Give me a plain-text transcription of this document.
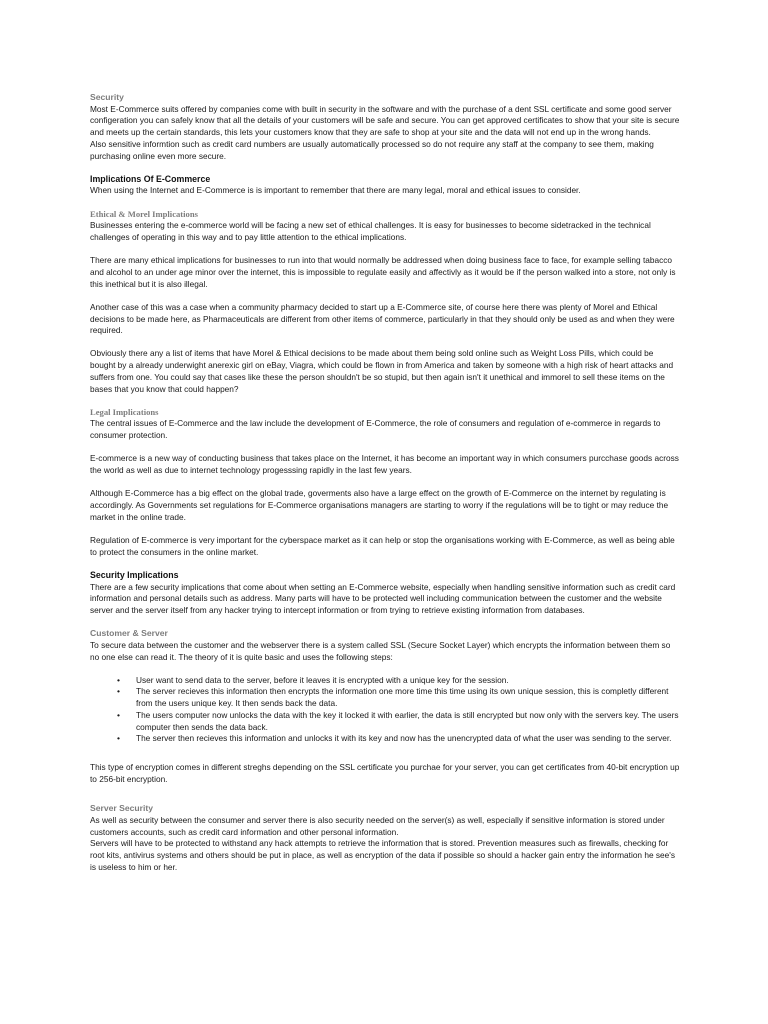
Security

Most E-Commerce suits offered by companies come with built in security in the software and with the purchase of a dent SSL certificate and some good server configeration you can safely know that all the details of your customers will be safe and secure. You can get approved certificates to show that your site is secure and meets up the certain standards, this lets your customers know that they are safe to shop at your site and the data will not end up in the wrong hands.

Also sensitive informtion such as credit card numbers are usually automatically processed so do not require any staff at the company to see them, making purchasing online even more secure.

Implications Of E-Commerce

When using the Internet and E-Commerce is is important to remember that there are many legal, moral and ethical issues to consider.

Ethical & Morel Implications

Businesses entering the e-commerce world will be facing a new set of ethical challenges. It is easy for businesses to become sidetracked in the technical challenges of operating in this way and to pay little attention to the ethical implications.

There are many ethical implications for businesses to run into that would normally be addressed when doing business face to face, for example selling tabacco and alcohol to an under age minor over the internet, this is impossible to regulate easily and affectivly as it would be if the person walked into a store, not only is this inethical but it is also illegal.

Another case of this was a case when a community pharmacy decided to start up a E-Commerce site, of course here there was plenty of Morel and Ethical decisions to be made here, as Pharmaceuticals are different from other items of commerce, particularly in that they should only be used as and when they were required.

Obviously there any a list of items that have Morel & Ethical decisions to be made about them being sold online such as Weight Loss Pills, which could be bought by a already underwight anerexic girl on eBay, Viagra, which could be flown in from America and taken by someone with a high risk of heart attacks and suffers from one. You could say that cases like these the person shouldn't be so stupid, but then again isn't it unethical and immorel to sell these items on the bases that you know that could happen?

Legal Implications

The central issues of E-Commerce and the law include the development of E-Commerce, the role of consumers and regulation of e-commerce in regards to consumer protection.

E-commerce is a new way of conducting business that takes place on the Internet, it has become an important way in which consumers purcchase goods across the world as well as due to internet technology progesssing rapidly in the last few years.

Although E-Commerce has a big effect on the global trade, goverments also have a large effect on the growth of E-Commerce on the internet by regulating is accordingly. As Governments set regulations for E-Commerce organisations managers are starting to worry if the regulations will be to tight or may reduce the market in the online trade.

Regulation of E-commerce is very important for the cyberspace market as it can help or stop the organisations working with E-Commerce, as well as being able to protect the consumers in the online market.

Security Implications

There are a few security implications that come about when setting an E-Commerce website, especially when handling sensitive information such as credit card information and personal details such as address. Many parts will have to be protected well including communication between the customer and the website server and the server itself from any hacker trying to intercept information or from trying to retrieve existing information from databases.

Customer & Server

To secure data between the customer and the webserver there is a system called SSL (Secure Socket Layer) which encrypts the information between them so no one else can read it. The theory of it is quite basic and uses the following steps:

• User want to send data to the server, before it leaves it is encrypted with a unique key for the session.
• The server recieves this information then encrypts the information one more time this time using its own unique session, this is completly different from the users unique key. It then sends back the data.
• The users computer now unlocks the data with the key it locked it with earlier, the data is still encrypted but now only with the servers key. The users computer then sends the data back.
• The server then recieves this information and unlocks it with its key and now has the unencrypted data of what the user was sending to the server.

This type of encryption comes in different streghs depending on the SSL certificate you purchae for your server, you can get certificates from 40-bit encryption up to 256-bit encryption.

Server Security

As well as security between the consumer and server there is also security needed on the server(s) as well, especially if sensitive information is stored under customers accounts, such as credit card information and other personal information.

Servers will have to be protected to withstand any hack attempts to retrieve the information that is stored. Prevention measures such as firewalls, checking for root kits, antivirus systems and others should be put in place, as well as encryption of the data if possible so should a hacker gain entry the information he see's is useless to him or her.
